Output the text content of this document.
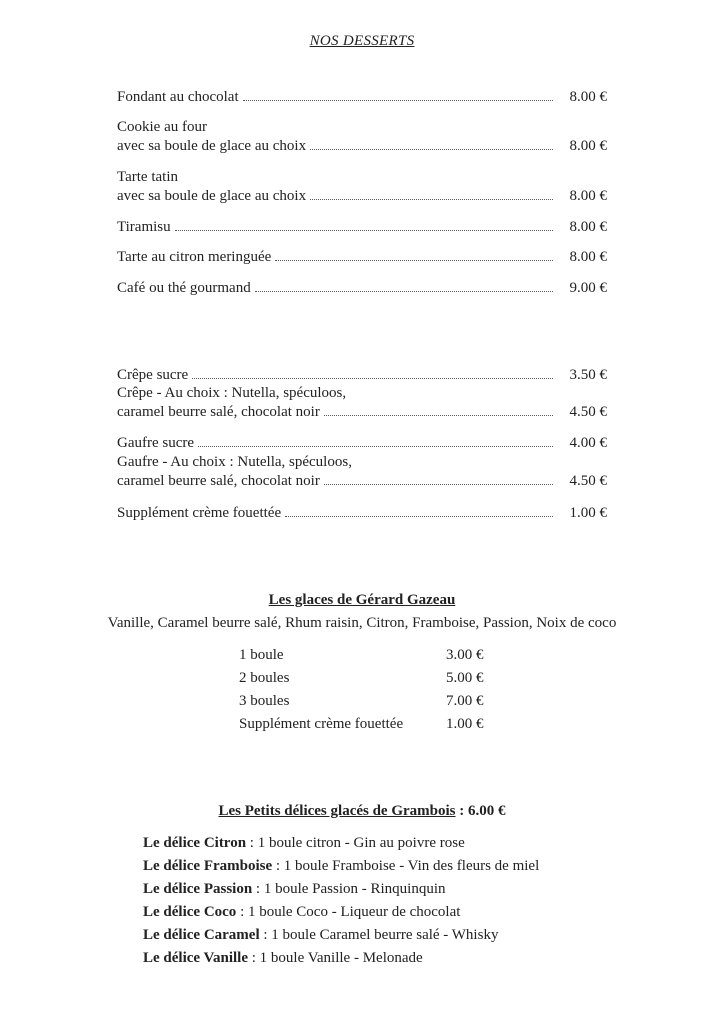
NOS DESSERTS
Fondant au chocolat	8.00 €
Cookie au four
avec sa boule de glace au choix	8.00 €
Tarte tatin
avec sa boule de glace au choix	8.00 €
Tiramisu	8.00 €
Tarte au citron meringuée	8.00 €
Café ou thé gourmand	9.00 €
Crêpe sucre	3.50 €
Crêpe - Au choix : Nutella, spéculoos,
caramel beurre salé, chocolat noir	4.50 €
Gaufre sucre	4.00 €
Gaufre - Au choix : Nutella, spéculoos,
caramel beurre salé, chocolat noir	4.50 €
Supplément crème fouettée	1.00 €
Les glaces de Gérard Gazeau
Vanille, Caramel beurre salé, Rhum raisin, Citron, Framboise, Passion, Noix de coco
1 boule	3.00 €
2 boules	5.00 €
3 boules	7.00 €
Supplément crème fouettée	1.00 €
Les Petits délices glacés de Grambois : 6.00 €
Le délice Citron : 1 boule citron - Gin au poivre rose
Le délice Framboise : 1 boule Framboise - Vin des fleurs de miel
Le délice Passion : 1 boule Passion - Rinquinquin
Le délice Coco : 1 boule Coco - Liqueur de chocolat
Le délice Caramel : 1 boule Caramel beurre salé - Whisky
Le délice Vanille : 1 boule Vanille - Melonade
